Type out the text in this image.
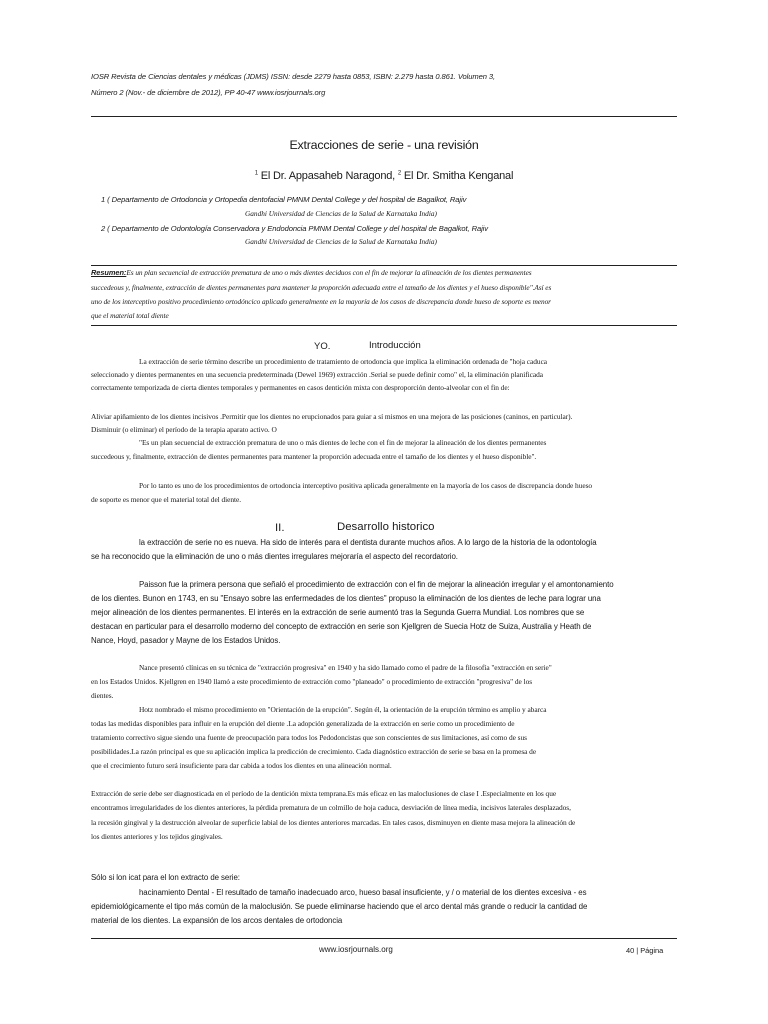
IOSR Revista de Ciencias dentales y médicas (JDMS) ISSN: desde 2279 hasta 0853, ISBN: 2.279 hasta 0.861. Volumen 3,
Número 2 (Nov.- de diciembre de 2012), PP 40-47 www.iosrjournals.org
Extracciones de serie - una revisión
$^1$ El Dr. Appasaheb Naragond, $^2$ El Dr. Smitha Kenganal
1 ( Departamento de Ortodoncia y Ortopedia dentofacial PMNM Dental College y del hospital de Bagalkot, Rajiv
Gandhi Universidad de Ciencias de la Salud de Karnataka India)
2 ( Departamento de Odontología Conservadora y Endodoncia PMNM Dental College y del hospital de Bagalkot, Rajiv
Gandhi Universidad de Ciencias de la Salud de Karnataka India)
Resumen:Es un plan secuencial de extracción prematura de uno o más dientes deciduos con el fin de mejorar la alineación de los dientes permanentes
succedeous y, finalmente, extracción de dientes permanentes para mantener la proporción adecuada entre el tamaño de los dientes y el hueso disponible".Así es
uno de los interceptivo positivo procedimiento ortodóncico aplicado generalmente en la mayoría de los casos de discrepancia donde hueso de soporte es menor
que el material total diente
YO.	Introducción
La extracción de serie término describe un procedimiento de tratamiento de ortodoncia que implica la eliminación ordenada de "hoja caduca
seleccionado y dientes permanentes en una secuencia predeterminada (Dewel 1969) extracción .Serial se puede definir como" el, la eliminación planificada
correctamente temporizada de cierta dientes temporales y permanentes en casos dentición mixta con desproporción dento-alveolar con el fin de:
Aliviar apiñamiento de los dientes incisivos .Permitir que los dientes no erupcionados para guiar a sí mismos en una mejora de las posiciones (caninos, en particular).
Disminuir (o eliminar) el período de la terapia aparato activo. O
"Es un plan secuencial de extracción prematura de uno o más dientes de leche con el fin de mejorar la alineación de los dientes permanentes
succedeous y, finalmente, extracción de dientes permanentes para mantener la proporción adecuada entre el tamaño de los dientes y el hueso disponible".
Por lo tanto es uno de los procedimientos de ortodoncia interceptivo positiva aplicada generalmente en la mayoría de los casos de discrepancia donde hueso
de soporte es menor que el material total del diente.
II.	Desarrollo historico
la extracción de serie no es nueva. Ha sido de interés para el dentista durante muchos años. A lo largo de la historia de la odontología
se ha reconocido que la eliminación de uno o más dientes irregulares mejoraría el aspecto del recordatorio.
Paisson fue la primera persona que señaló el procedimiento de extracción con el fin de mejorar la alineación irregular y el amontonamiento
de los dientes. Bunon en 1743, en su "Ensayo sobre las enfermedades de los dientes" propuso la eliminación de los dientes de leche para lograr una
mejor alineación de los dientes permanentes. El interés en la extracción de serie aumentó tras la Segunda Guerra Mundial. Los nombres que se
destacan en particular para el desarrollo moderno del concepto de extracción en serie son Kjellgren de Suecia Hotz de Suiza, Australia y Heath de
Nance, Hoyd, pasador y Mayne de los Estados Unidos.
Nance presentó clínicas en su técnica de "extracción progresiva" en 1940 y ha sido llamado como el padre de la filosofía "extracción en serie"
en los Estados Unidos. Kjellgren en 1940 llamó a este procedimiento de extracción como "planeado" o procedimiento de extracción "progresiva" de los
dientes.
Hotz nombrado el mismo procedimiento en "Orientación de la erupción". Según él, la orientación de la erupción término es amplio y abarca
todas las medidas disponibles para influir en la erupción del diente .La adopción generalizada de la extracción en serie como un procedimiento de
tratamiento correctivo sigue siendo una fuente de preocupación para todos los Pedodoncistas que son conscientes de sus limitaciones, así como de sus
posibilidades.La razón principal es que su aplicación implica la predicción de crecimiento. Cada diagnóstico extracción de serie se basa en la promesa de
que el crecimiento futuro será insuficiente para dar cabida a todos los dientes en una alineación normal.
Extracción de serie debe ser diagnosticada en el período de la dentición mixta temprana.Es más eficaz en las maloclusiones de clase I .Especialmente en los que
encontramos irregularidades de los dientes anteriores, la pérdida prematura de un colmillo de hoja caduca, desviación de línea media, incisivos laterales desplazados,
la recesión gingival y la destrucción alveolar de superficie labial de los dientes anteriores marcadas. En tales casos, disminuyen en diente masa mejora la alineación de
los dientes anteriores y los tejidos gingivales.
Sólo si lon icat para el lon extracto de serie:
hacinamiento Dental - El resultado de tamaño inadecuado arco, hueso basal insuficiente, y / o material de los dientes excesiva - es
epidemiológicamente el tipo más común de la maloclusión. Se puede eliminarse haciendo que el arco dental más grande o reducir la cantidad de
material de los dientes. La expansión de los arcos dentales de ortodoncia
www.iosrjournals.org	40 | Página
